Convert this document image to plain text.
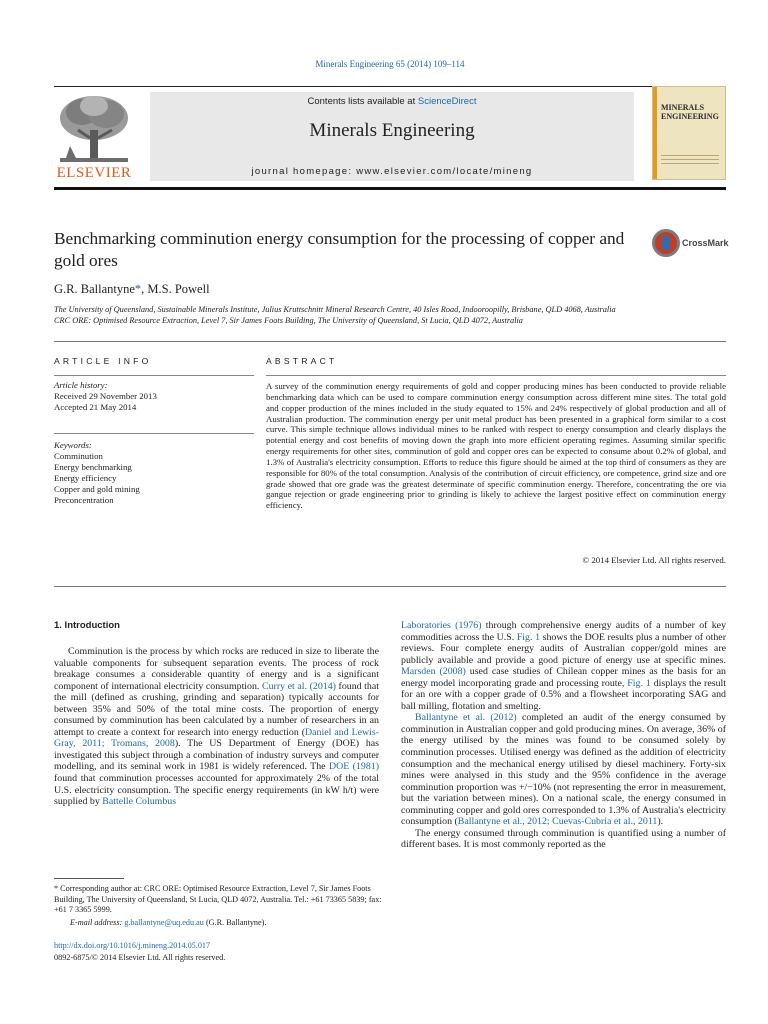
Minerals Engineering 65 (2014) 109–114
ELSEVIER
Contents lists available at ScienceDirect
Minerals Engineering
journal homepage: www.elsevier.com/locate/mineng
MINERALS
ENGINEERING
Benchmarking comminution energy consumption for the processing of copper and gold ores
CrossMark
G.R. Ballantyne*, M.S. Powell
The University of Queensland, Sustainable Minerals Institute, Julius Kruttschnitt Mineral Research Centre, 40 Isles Road, Indooroopilly, Brisbane, QLD 4068, Australia
CRC ORE: Optimised Resource Extraction, Level 7, Sir James Foots Building, The University of Queensland, St Lucia, QLD 4072, Australia
ARTICLE INFO	ABSTRACT
Article history:
Received 29 November 2013
Accepted 21 May 2014
Keywords:
Comminution
Energy benchmarking
Energy efficiency
Copper and gold mining
Preconcentration
A survey of the comminution energy requirements of gold and copper producing mines has been conducted to provide reliable benchmarking data which can be used to compare comminution energy consumption across different mine sites. The total gold and copper production of the mines included in the study equated to 15% and 24% respectively of global production and all of Australian production. The comminution energy per unit metal product has been presented in a graphical form similar to a cost curve. This simple technique allows individual mines to be ranked with respect to energy consumption and clearly displays the potential energy and cost benefits of moving down the graph into more efficient operating regimes. Assuming similar specific energy requirements for other sites, comminution of gold and copper ores can be expected to consume about 0.2% of global, and 1.3% of Australia's electricity consumption. Efforts to reduce this figure should be aimed at the top third of consumers as they are responsible for 80% of the total consumption. Analysis of the contribution of circuit efficiency, ore competence, grind size and ore grade showed that ore grade was the greatest determinate of specific comminution energy. Therefore, concentrating the ore via gangue rejection or grade engineering prior to grinding is likely to achieve the largest positive effect on comminution energy efficiency.
© 2014 Elsevier Ltd. All rights reserved.
1. Introduction

Comminution is the process by which rocks are reduced in size to liberate the valuable components for subsequent separation events. The process of rock breakage consumes a considerable quantity of energy and is a significant component of international electricity consumption. Curry et al. (2014) found that the mill (defined as crushing, grinding and separation) typically accounts for between 35% and 50% of the total mine costs. The proportion of energy consumed by comminution has been calculated by a number of researchers in an attempt to create a context for research into energy reduction (Daniel and Lewis-Gray, 2011; Tromans, 2008). The US Department of Energy (DOE) has investigated this subject through a combination of industry surveys and computer modelling, and its seminal work in 1981 is widely referenced. The DOE (1981) found that comminution processes accounted for approximately 2% of the total U.S. electricity consumption. The specific energy requirements (in kW h/t) were supplied by Battelle Columbus

Laboratories (1976) through comprehensive energy audits of a number of key commodities across the U.S. Fig. 1 shows the DOE results plus a number of other reviews. Four complete energy audits of Australian copper/gold mines are publicly available and provide a good picture of energy use at specific mines. Marsden (2008) used case studies of Chilean copper mines as the basis for an energy model incorporating grade and processing route, Fig. 1 displays the result for an ore with a copper grade of 0.5% and a flowsheet incorporating SAG and ball milling, flotation and smelting.

Ballantyne et al. (2012) completed an audit of the energy consumed by comminution in Australian copper and gold producing mines. On average, 36% of the energy utilised by the mines was found to be consumed solely by comminution processes. Utilised energy was defined as the addition of electricity consumption and the mechanical energy utilised by diesel machinery. Forty-six mines were analysed in this study and the 95% confidence in the average comminution proportion was +/−10% (not representing the error in measurement, but the variation between mines). On a national scale, the energy consumed in comminuting copper and gold ores corresponded to 1.3% of Australia's electricity consumption (Ballantyne et al., 2012; Cuevas-Cubria et al., 2011).

The energy consumed through comminution is quantified using a number of different bases. It is most commonly reported as the

* Corresponding author at: CRC ORE: Optimised Resource Extraction, Level 7, Sir James Foots Building, The University of Queensland, St Lucia, QLD 4072, Australia. Tel.: +61 73365 5839; fax: +61 7 3365 5999.
E-mail address: g.ballantyne@uq.edu.au (G.R. Ballantyne).
http://dx.doi.org/10.1016/j.mineng.2014.05.017
0892-6875/© 2014 Elsevier Ltd. All rights reserved.
